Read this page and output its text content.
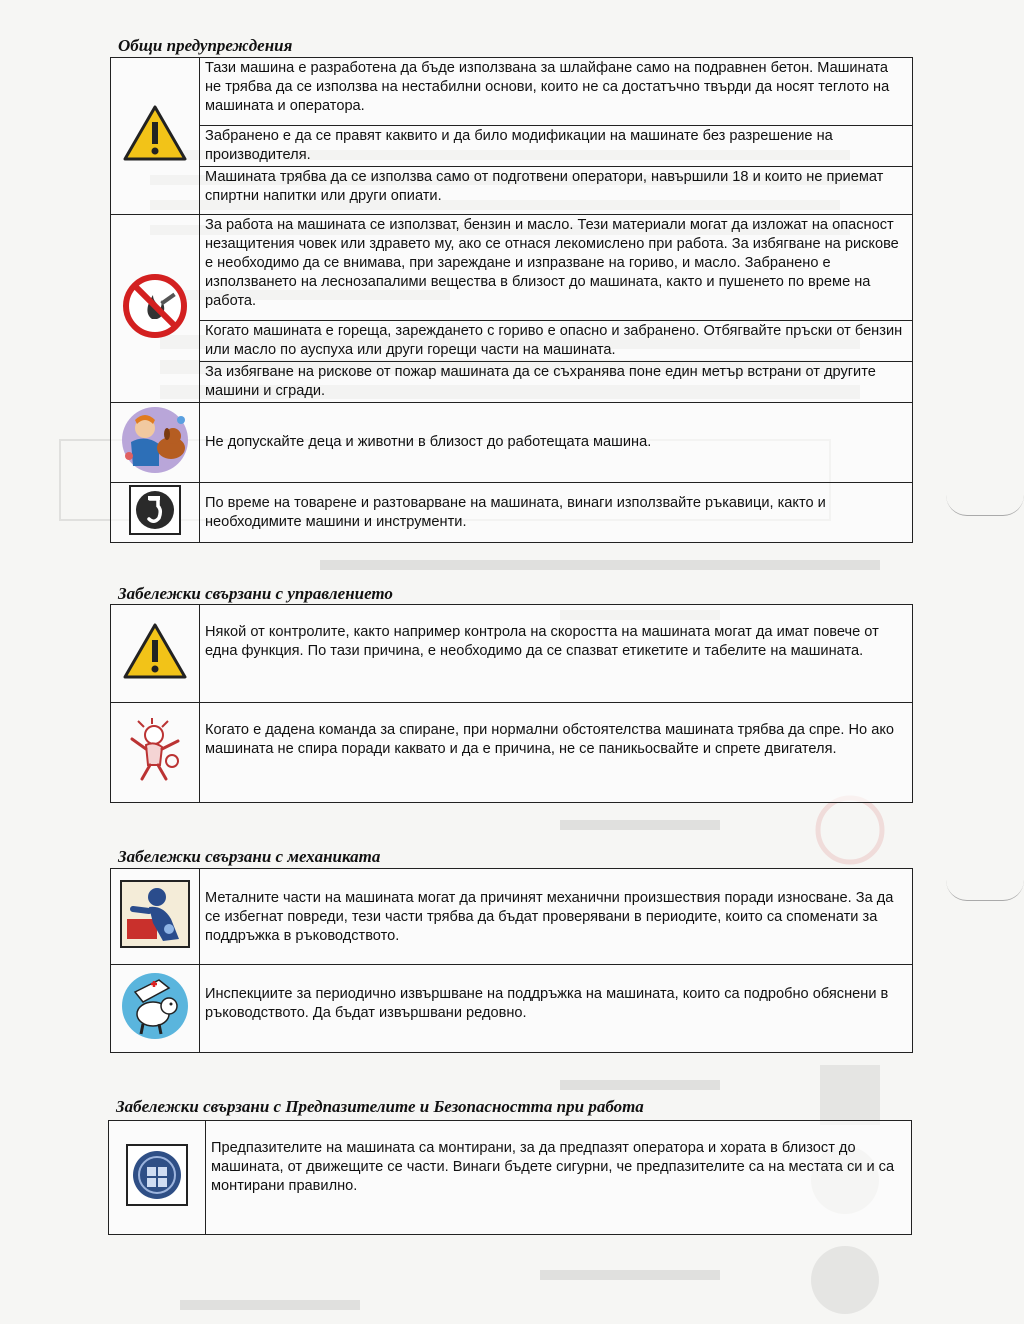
Общи предупреждения
	Тази машина е разработена да бъде използвана за шлайфане само на подравнен бетон. Машината не трябва да се използва на нестабилни основи, които не са достатъчно твърди да носят теглото на машината и оператора.
	Забранено е да се правят каквито и да било модификации на машинате без разрешение на производителя.
	Машината трябва да се използва само от подготвени оператори, навършили 18 и които не приемат спиртни напитки или други опиати.
	За работа на машината се използват, бензин и масло. Тези материали могат да изложат на опасност незащитения човек или здравето му, ако се отнася лекомислено при работа. За избягване на рискове е необходимо да се внимава, при зареждане и изпразване на гориво, и масло. Забранено е използването на леснозапалими вещества в близост до машината, както и пушенето по време на работа.
	Когато машината е гореща, зареждането с гориво е опасно и забранено. Отбягвайте пръски от бензин или масло по ауспуха или други горещи части на машината.
	За избягване на рискове от пожар машината да се съхранява поне един метър встрани от другите машини и сгради.
	Не допускайте деца и животни в близост до работещата машина.
	По време на товарене и разтоварване на машината, винаги използвайте ръкавици, както и необходимите машини и инструменти.
Забележки свързани с управлението
	Някой от контролите, както например контрола на скоростта на машината могат да имат повече от една функция. По тази причина, е необходимо да се спазват етикетите и табелите на машината.
	Когато е дадена команда за спиране, при нормални обстоятелства машината трябва да спре. Но ако машината не спира поради каквато и да е причина, не се паникьосвайте и спрете двигателя.
Забележки свързани с механиката
	Металните части на машината могат да причинят механични произшествия поради износване. За да се избегнат повреди, тези части трябва да бъдат проверявани в периодите, които са споменати за поддръжка в ръководството.
	Инспекциите за периодично извършване на поддръжка на машината, които са подробно обяснени в ръководството. Да бъдат извършвани редовно.
Забележки свързани с Предпазителите и Безопасността при работа
	Предпазителите на машината са монтирани, за да предпазят оператора и хората в близост до машината, от движещите се части. Винаги бъдете сигурни, че предпазителите са на местата си и са монтирани правилно.
